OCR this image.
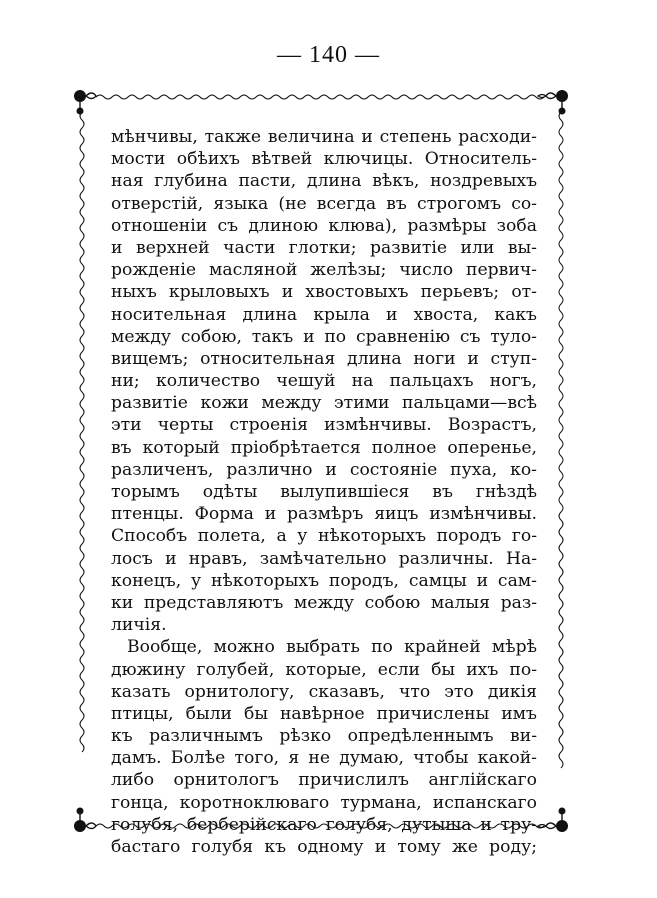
— 140 —
мѣнчивы, также величина и степень расходи-
мости обѣихъ вѣтвей ключицы. Относитель-
ная глубина пасти, длина вѣкъ, ноздревыхъ
отверстій, языка (не всегда въ строгомъ со-
отношеніи съ длиною клюва), размѣры зоба
и верхней части глотки; развитіе или вы-
рожденіе масляной желѣзы; число первич-
ныхъ крыловыхъ и хвостовыхъ перьевъ; от-
носительная длина крыла и хвоста, какъ
между собою, такъ и по сравненію съ туло-
вищемъ; относительная длина ноги и ступ-
ни; количество чешуй на пальцахъ ногъ,
развитіе кожи между этими пальцами—всѣ
эти черты строенія измѣнчивы. Возрастъ,
въ который пріобрѣтается полное оперенье,
различенъ, различно и состояніе пуха, ко-
торымъ одѣты вылупившіеся въ гнѣздѣ
птенцы. Форма и размѣръ яицъ измѣнчивы.
Способъ полета, а у нѣкоторыхъ породъ го-
лосъ и нравъ, замѣчательно различны. На-
конецъ, у нѣкоторыхъ породъ, самцы и сам-
ки представляютъ между собою малыя раз-
личія.
Вообще, можно выбрать по крайней мѣрѣ
дюжину голубей, которые, если бы ихъ по-
казать орнитологу, сказавъ, что это дикія
птицы, были бы навѣрное причислены имъ
къ различнымъ рѣзко опредѣленнымъ ви-
дамъ. Болѣе того, я не думаю, чтобы какой-
либо орнитологъ причислилъ англійскаго
гонца, коротноклюваго турмана, испанскаго
голубя, берберійскаго голубя, дутыша и тру-
бастаго голубя къ одному и тому же роду;
